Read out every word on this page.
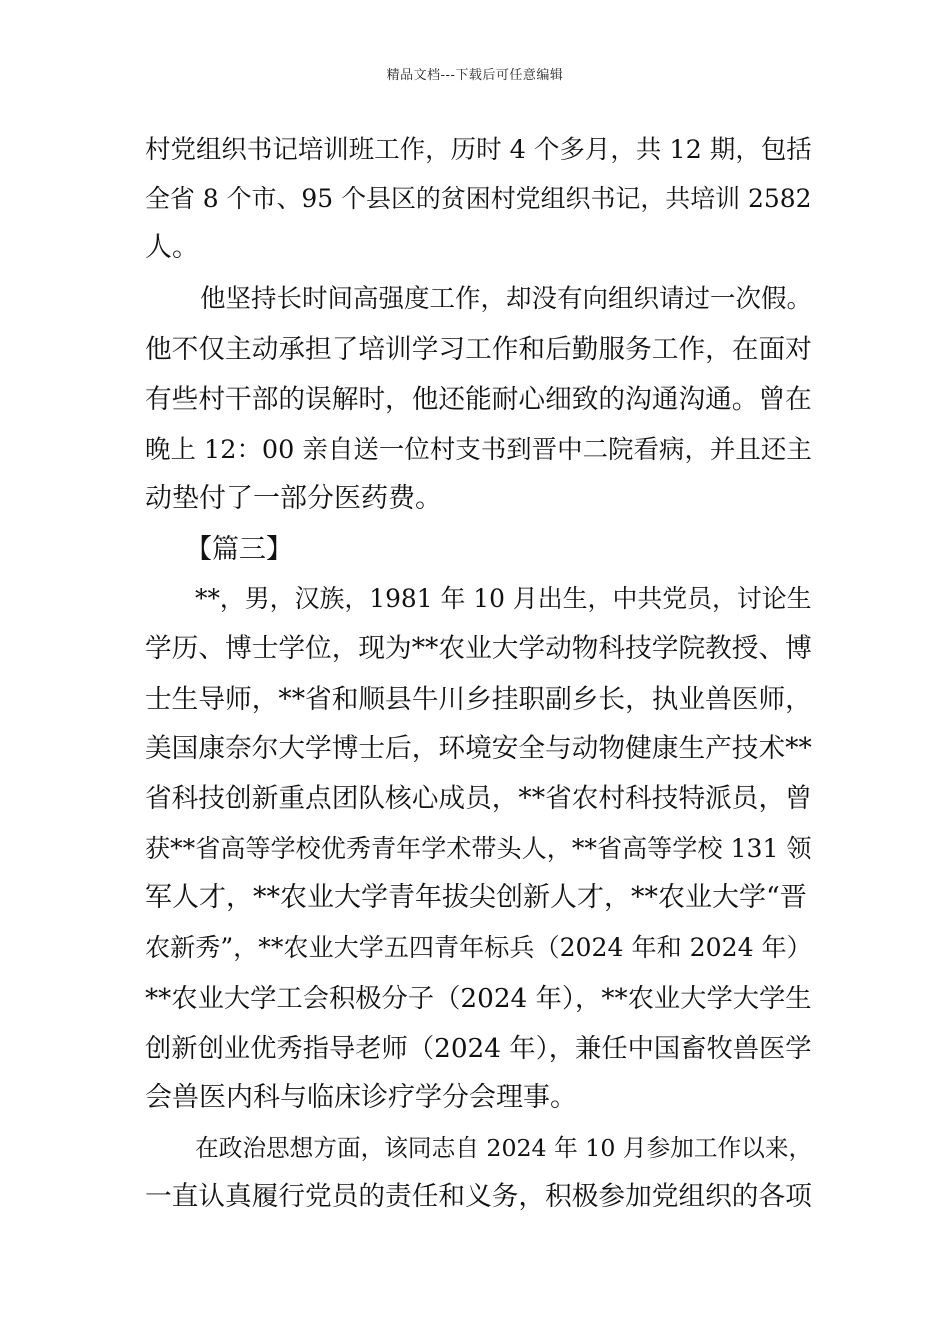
精品文档---下载后可任意编辑
村党组织书记培训班工作，历时 4 个多月，共 12 期，包括
全省 8 个市、95 个县区的贫困村党组织书记，共培训 2582
人。
他坚持长时间高强度工作，却没有向组织请过一次假。
他不仅主动承担了培训学习工作和后勤服务工作，在面对
有些村干部的误解时，他还能耐心细致的沟通沟通。曾在
晚上 12：00 亲自送一位村支书到晋中二院看病，并且还主
动垫付了一部分医药费。
【篇三】
**，男，汉族，1981 年 10 月出生，中共党员，讨论生
学历、博士学位，现为**农业大学动物科技学院教授、博
士生导师，**省和顺县牛川乡挂职副乡长，执业兽医师，
美国康奈尔大学博士后，环境安全与动物健康生产技术**
省科技创新重点团队核心成员，**省农村科技特派员，曾
获**省高等学校优秀青年学术带头人，**省高等学校 131 领
军人才，**农业大学青年拔尖创新人才，**农业大学“晋
农新秀”，**农业大学五四青年标兵（2024 年和 2024 年）
**农业大学工会积极分子（2024 年），**农业大学大学生
创新创业优秀指导老师（2024 年），兼任中国畜牧兽医学
会兽医内科与临床诊疗学分会理事。
在政治思想方面，该同志自 2024 年 10 月参加工作以来，
一直认真履行党员的责任和义务，积极参加党组织的各项
